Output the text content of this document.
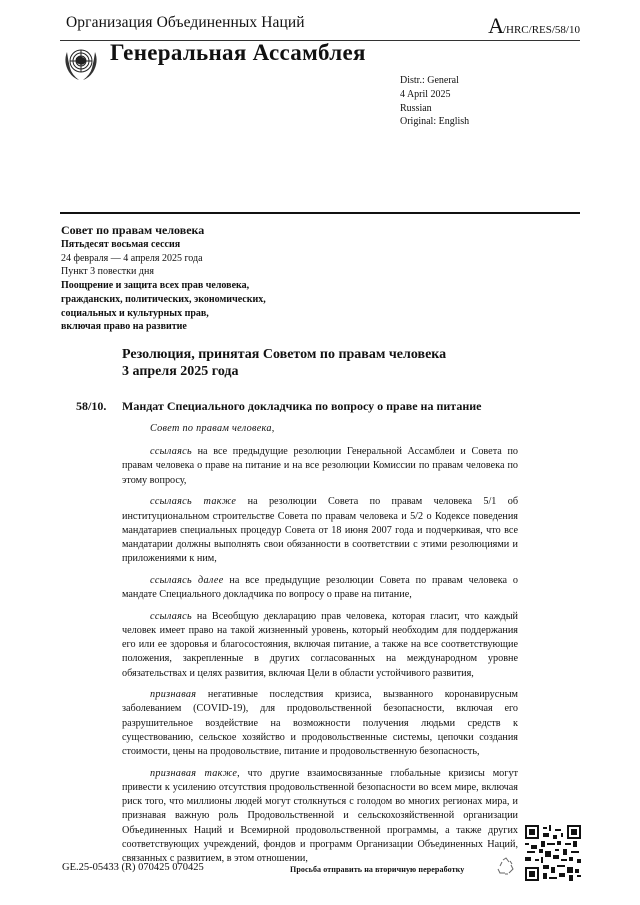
Организация Объединенных Наций	A/HRC/RES/58/10
Генеральная Ассамблея
Distr.: General
4 April 2025
Russian
Original: English
Совет по правам человека
Пятьдесят восьмая сессия
24 февраля — 4 апреля 2025 года
Пункт 3 повестки дня
Поощрение и защита всех прав человека,
гражданских, политических, экономических,
социальных и культурных прав,
включая право на развитие
Резолюция, принятая Советом по правам человека
3 апреля 2025 года
58/10. Мандат Специального докладчика по вопросу о праве на питание

Совет по правам человека,

ссылаясь на все предыдущие резолюции Генеральной Ассамблеи и Совета по правам человека о праве на питание и на все резолюции Комиссии по правам человека по этому вопросу,

ссылаясь также на резолюции Совета по правам человека 5/1 об институциональном строительстве Совета по правам человека и 5/2 о Кодексе поведения мандатариев специальных процедур Совета от 18 июня 2007 года и подчеркивая, что все мандатарии должны выполнять свои обязанности в соответствии с этими резолюциями и приложениями к ним,

ссылаясь далее на все предыдущие резолюции Совета по правам человека о мандате Специального докладчика по вопросу о праве на питание,

ссылаясь на Всеобщую декларацию прав человека, которая гласит, что каждый человек имеет право на такой жизненный уровень, который необходим для поддержания его или ее здоровья и благосостояния, включая питание, а также на все соответствующие положения, закрепленные в других согласованных на международном уровне обязательствах и целях развития, включая Цели в области устойчивого развития,

признавая негативные последствия кризиса, вызванного коронавирусным заболеванием (COVID-19), для продовольственной безопасности, включая его разрушительное воздействие на возможности получения людьми средств к существованию, сельское хозяйство и продовольственные системы, цепочки создания стоимости, цены на продовольствие, питание и продовольственную безопасность,

признавая также, что другие взаимосвязанные глобальные кризисы могут привести к усилению отсутствия продовольственной безопасности во всем мире, включая риск того, что миллионы людей могут столкнуться с голодом во многих регионах мира, и признавая важную роль Продовольственной и сельскохозяйственной организации Объединенных Наций и Всемирной продовольственной программы, а также других соответствующих учреждений, фондов и программ Организации Объединенных Наций, связанных с развитием, в этом отношении,

GE.25-05433 (R) 070425 070425	Просьба отправить на вторичную переработку
